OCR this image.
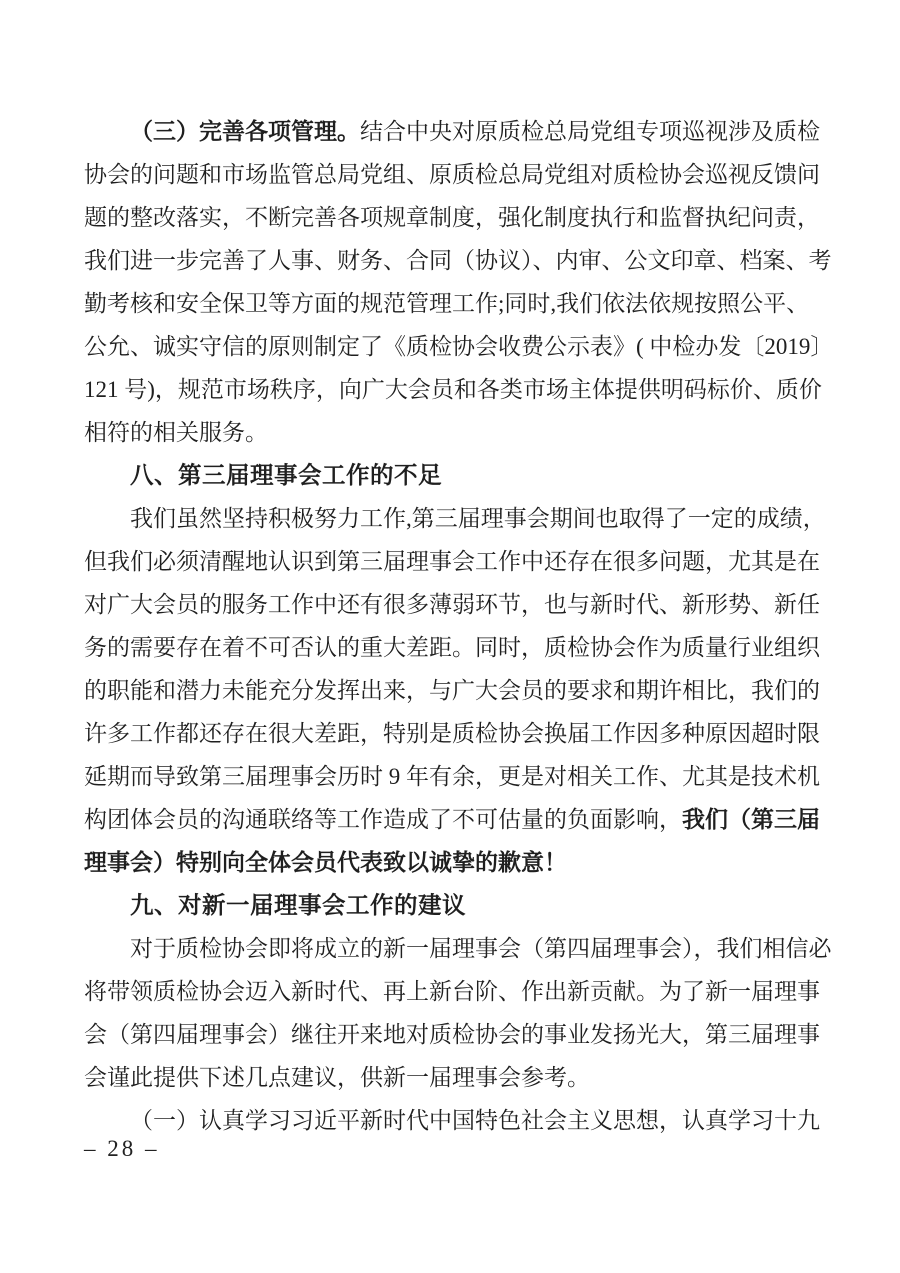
（三）完善各项管理。结合中央对原质检总局党组专项巡视涉及质检
协会的问题和市场监管总局党组、原质检总局党组对质检协会巡视反馈问
题的整改落实，不断完善各项规章制度，强化制度执行和监督执纪问责，
我们进一步完善了人事、财务、合同（协议）、内审、公文印章、档案、考
勤考核和安全保卫等方面的规范管理工作;同时,我们依法依规按照公平、
公允、诚实守信的原则制定了《质检协会收费公示表》( 中检办发〔2019〕
121 号)，规范市场秩序，向广大会员和各类市场主体提供明码标价、质价
相符的相关服务。
八、第三届理事会工作的不足
我们虽然坚持积极努力工作,第三届理事会期间也取得了一定的成绩，
但我们必须清醒地认识到第三届理事会工作中还存在很多问题，尤其是在
对广大会员的服务工作中还有很多薄弱环节，也与新时代、新形势、新任
务的需要存在着不可否认的重大差距。同时，质检协会作为质量行业组织
的职能和潜力未能充分发挥出来，与广大会员的要求和期许相比，我们的
许多工作都还存在很大差距，特别是质检协会换届工作因多种原因超时限
延期而导致第三届理事会历时 9 年有余，更是对相关工作、尤其是技术机
构团体会员的沟通联络等工作造成了不可估量的负面影响，我们（第三届
理事会）特别向全体会员代表致以诚挚的歉意！
九、对新一届理事会工作的建议
对于质检协会即将成立的新一届理事会（第四届理事会），我们相信必
将带领质检协会迈入新时代、再上新台阶、作出新贡献。为了新一届理事
会（第四届理事会）继往开来地对质检协会的事业发扬光大，第三届理事
会谨此提供下述几点建议，供新一届理事会参考。
（一）认真学习习近平新时代中国特色社会主义思想，认真学习十九
– 28 –
